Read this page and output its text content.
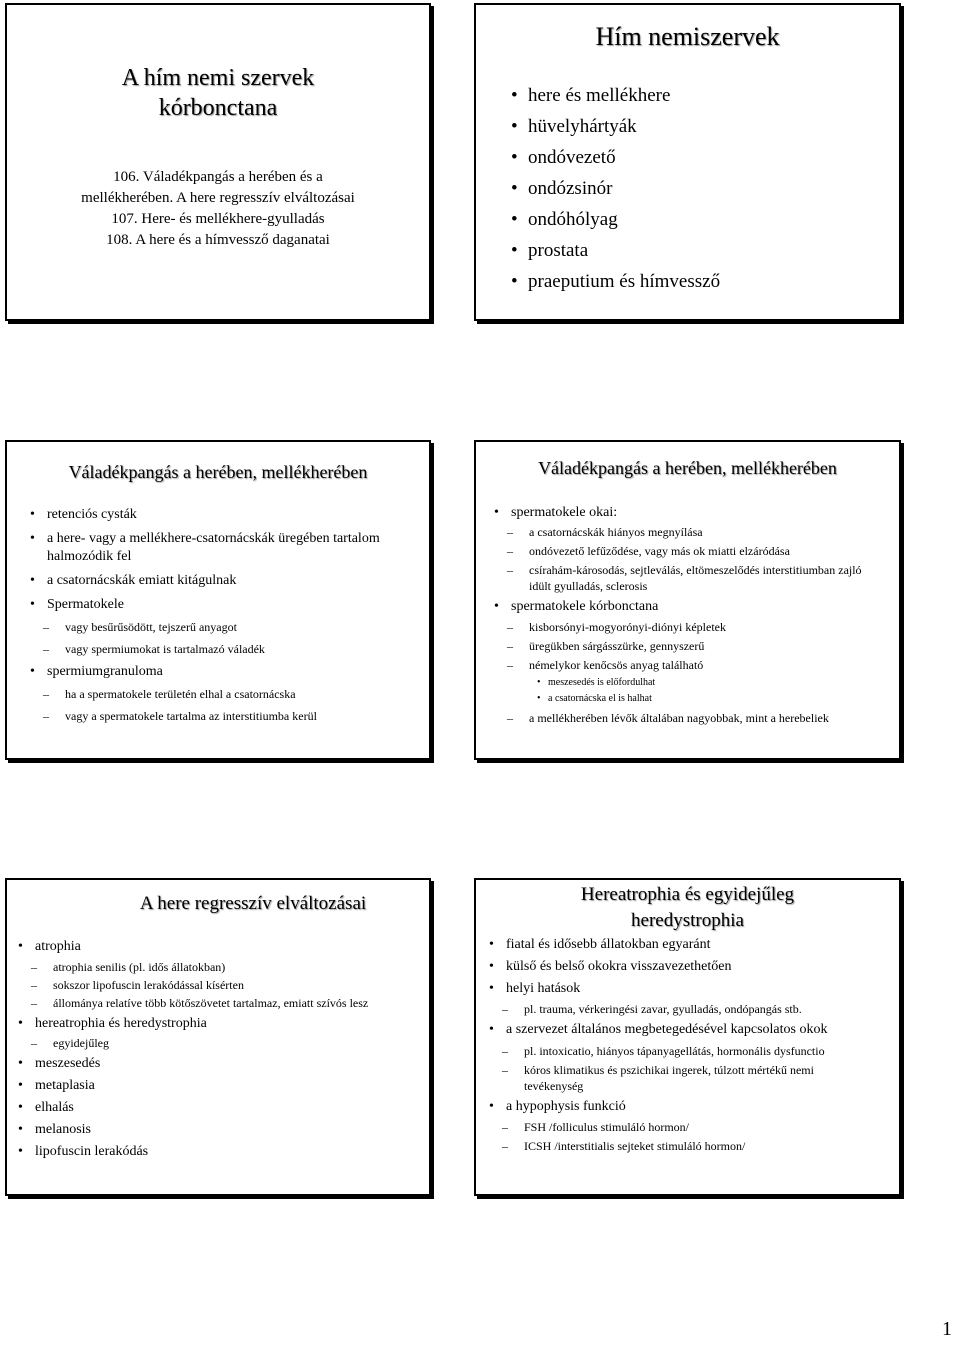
A hím nemi szervek
kórbonctana
106. Váladékpangás a herében és a
mellékherében. A here regresszív elváltozásai
107. Here- és mellékhere-gyulladás
108. A here és a hímvessző daganatai
Hím nemiszervek
• here és mellékhere
• hüvelyhártyák
• ondóvezető
• ondózsinór
• ondóhólyag
• prostata
• praeputium és hímvessző
Váladékpangás a herében, mellékherében
• retenciós cysták
• a here- vagy a mellékhere-csatornácskák üregében tartalom halmozódik fel
• a csatornácskák emiatt kitágulnak
• Spermatokele
– vagy besűrűsödött, tejszerű anyagot
– vagy spermiumokat is tartalmazó váladék
• spermiumgranuloma
– ha a spermatokele területén elhal a csatornácska
– vagy a spermatokele tartalma az interstitiumba kerül
Váladékpangás a herében, mellékherében
• spermatokele okai:
– a csatornácskák hiányos megnyílása
– ondóvezető lefűződése, vagy más ok miatti elzáródása
– csírahám-károsodás, sejtleválás, eltömeszelődés interstitiumban zajló idült gyulladás, sclerosis
• spermatokele kórbonctana
– kisborsónyi-mogyorónyi-diónyi képletek
– üregükben sárgásszürke, gennyszerű
– némelykor kenőcsös anyag található
• meszesedés is előfordulhat
• a csatornácska el is halhat
– a mellékherében lévők általában nagyobbak, mint a herebeliek
A here regresszív elváltozásai
• atrophia
– atrophia senilis (pl. idős állatokban)
– sokszor lipofuscin lerakódással kísérten
– állománya relatíve több kötőszövetet tartalmaz, emiatt szívós lesz
• hereatrophia és heredystrophia
– egyidejűleg
• meszesedés
• metaplasia
• elhalás
• melanosis
• lipofuscin lerakódás
Hereatrophia és egyidejűleg
heredystrophia
• fiatal és idősebb állatokban egyaránt
• külső és belső okokra visszavezethetően
• helyi hatások
– pl. trauma, vérkeringési zavar, gyulladás, ondópangás stb.
• a szervezet általános megbetegedésével kapcsolatos okok
– pl. intoxicatio, hiányos tápanyagellátás, hormonális dysfunctio
– kóros klimatikus és pszichikai ingerek, túlzott mértékű nemi tevékenység
• a hypophysis funkció
– FSH /folliculus stimuláló hormon/
– ICSH /interstitialis sejteket stimuláló hormon/
1
